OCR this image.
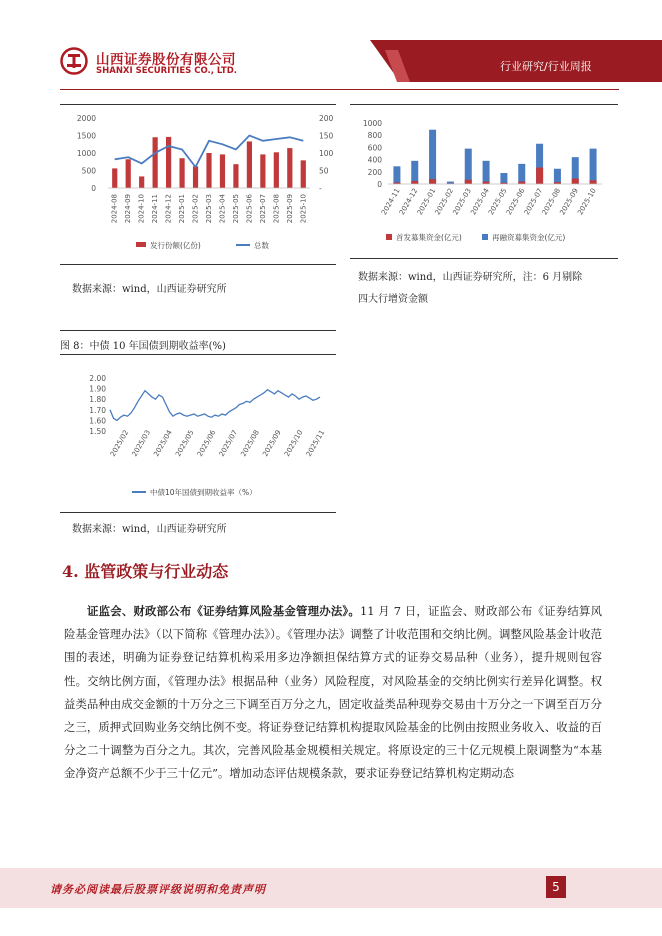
山西证券股份有限公司
SHANXI SECURITIES CO., LTD.	行业研究/行业周报
0
500
1000
1500
2000
-
50
100
150
200
2024-08 2024-09 2024-10 2024-11 2024-12 2025-01 2025-02 2025-03 2025-04 2025-05 2025-06 2025-07 2025-08 2025-09 2025-10
发行份额(亿份)	总数
0
200
400
600
800
1000
2024-11
2024-12
2025-01
2025-02
2025-03
2025-04
2025-05
2025-06
2025-07
2025-08
2025-09
2025-10
首发募集资金(亿元)	再融资募集资金(亿元)
数据来源：wind，山西证券研究所
数据来源：wind，山西证券研究所，注：6 月剔除
四大行增资金额
图 8：中债 10 年国债到期收益率(%)
1.50
1.60
1.70
1.80
1.90
2.00
2025/02 2025/03 2025/04 2025/05 2025/06 2025/07 2025/08 2025/09 2025/10 2025/11
中债10年国债到期收益率（%）
数据来源：wind，山西证券研究所
4. 监管政策与行业动态
证监会、财政部公布《证券结算风险基金管理办法》。11 月 7 日，证监会、财政部公布《证券结算风险基金管理办法》（以下简称《管理办法》）。《管理办法》调整了计收范围和交纳比例。调整风险基金计收范围的表述，明确为证券登记结算机构采用多边净额担保结算方式的证券交易品种（业务），提升规则包容性。交纳比例方面，《管理办法》根据品种（业务）风险程度，对风险基金的交纳比例实行差异化调整。权益类品种由成交金额的十万分之三下调至百万分之九，固定收益类品种现券交易由十万分之一下调至百万分之三，质押式回购业务交纳比例不变。将证券登记结算机构提取风险基金的比例由按照业务收入、收益的百分之二十调整为百分之九。其次，完善风险基金规模相关规定。将原设定的三十亿元规模上限调整为“本基金净资产总额不少于三十亿元”。增加动态评估规模条款，要求证券登记结算机构定期动态
请务必阅读最后股票评级说明和免责声明	5
